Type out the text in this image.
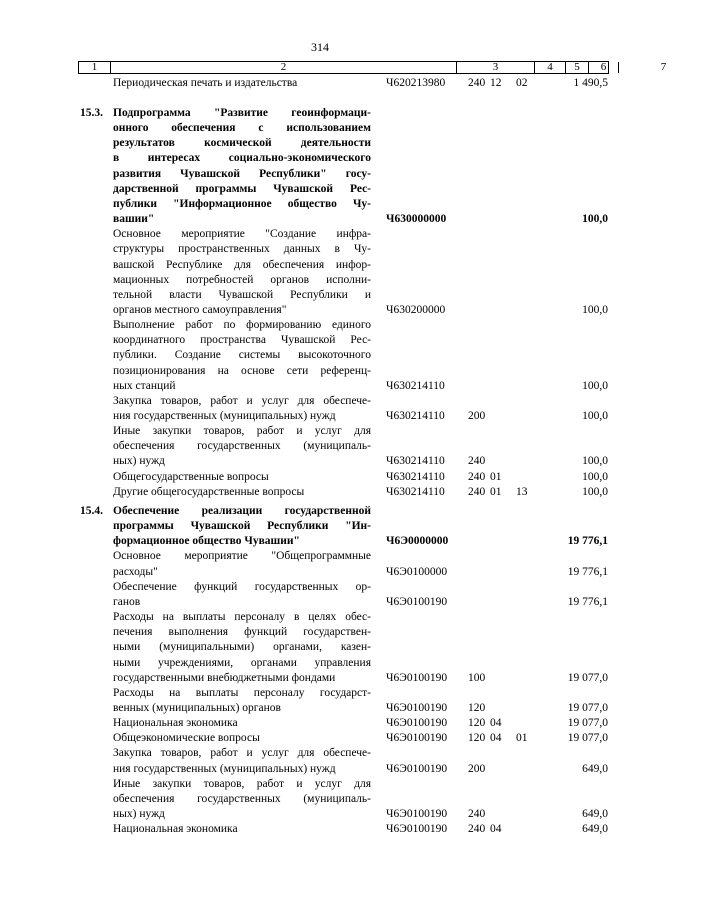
314
1	2	3	4	5	6	7
Периодическая печать и издательства	Ч620213980 240 12 02	1 490,5
15.3. Подпрограмма "Развитие геоинформаци-
онного обеспечения с использованием
результатов космической деятельности
в интересах социально-экономического
развития Чувашской Республики" госу-
дарственной программы Чувашской Рес-
публики "Информационное общество Чу-
вашии"	Ч630000000	100,0
Основное мероприятие "Создание инфра-
структуры пространственных данных в Чу-
вашской Республике для обеспечения инфор-
мационных потребностей органов исполни-
тельной власти Чувашской Республики и
органов местного самоуправления"	Ч630200000	100,0
Выполнение работ по формированию единого
координатного пространства Чувашской Рес-
публики. Создание системы высокоточного
позиционирования на основе сети референц-
ных станций	Ч630214110	100,0
Закупка товаров, работ и услуг для обеспече-
ния государственных (муниципальных) нужд	Ч630214110 200	100,0
Иные закупки товаров, работ и услуг для
обеспечения государственных (муниципаль-
ных) нужд	Ч630214110 240	100,0
Общегосударственные вопросы	Ч630214110 240 01	100,0
Другие общегосударственные вопросы	Ч630214110 240 01 13	100,0
15.4. Обеспечение реализации государственной
программы Чувашской Республики "Ин-
формационное общество Чувашии"	Ч6Э0000000	19 776,1
Основное мероприятие "Общепрограммные
расходы"	Ч6Э0100000	19 776,1
Обеспечение функций государственных ор-
ганов	Ч6Э0100190	19 776,1
Расходы на выплаты персоналу в целях обес-
печения выполнения функций государствен-
ными (муниципальными) органами, казен-
ными учреждениями, органами управления
государственными внебюджетными фондами	Ч6Э0100190 100	19 077,0
Расходы на выплаты персоналу государст-
венных (муниципальных) органов	Ч6Э0100190 120	19 077,0
Национальная экономика	Ч6Э0100190 120 04	19 077,0
Общеэкономические вопросы	Ч6Э0100190 120 04 01	19 077,0
Закупка товаров, работ и услуг для обеспече-
ния государственных (муниципальных) нужд	Ч6Э0100190 200	649,0
Иные закупки товаров, работ и услуг для
обеспечения государственных (муниципаль-
ных) нужд	Ч6Э0100190 240	649,0
Национальная экономика	Ч6Э0100190 240 04	649,0
